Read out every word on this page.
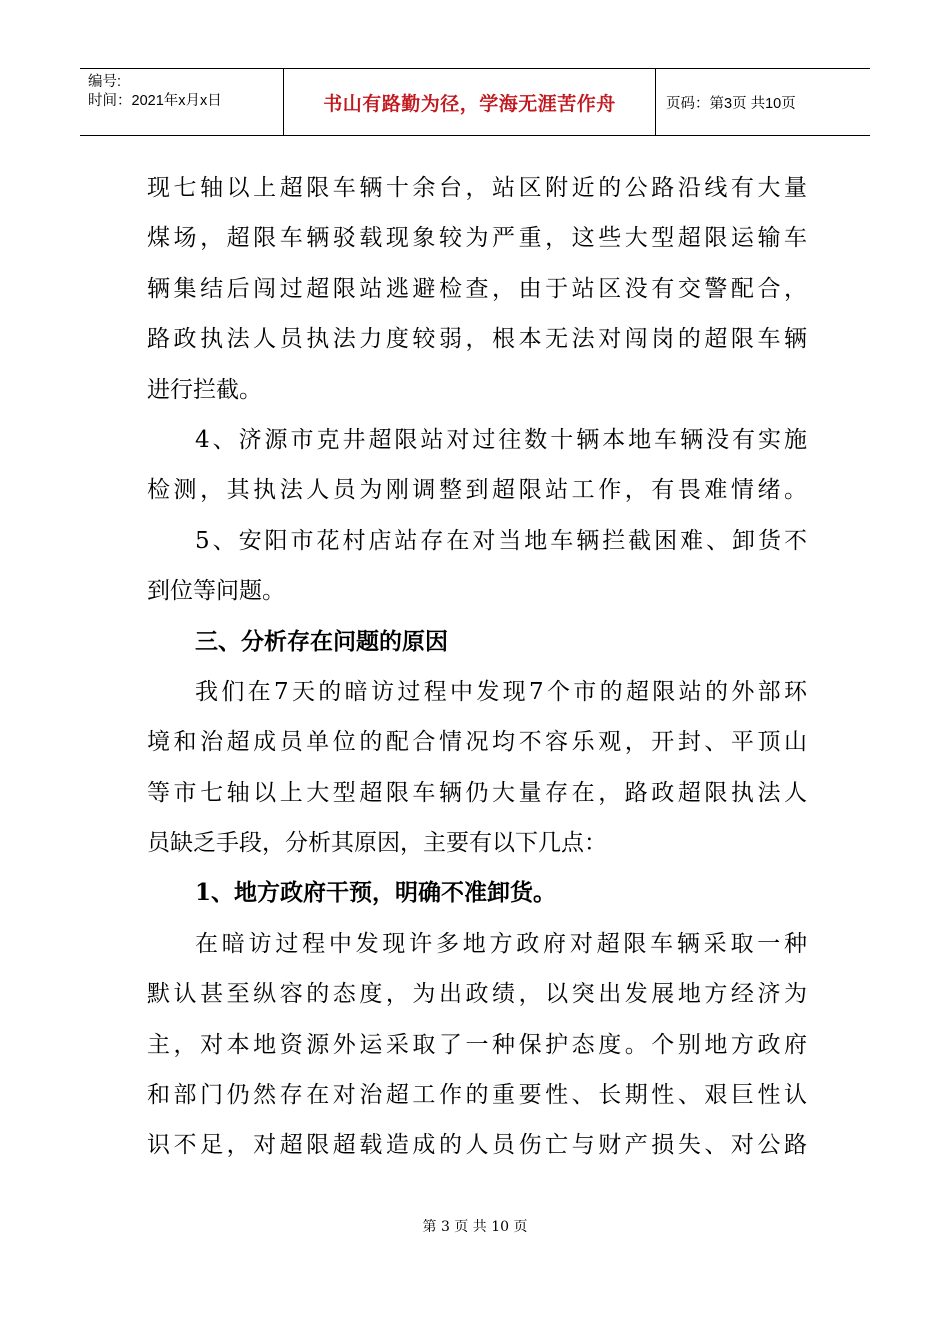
编号:
时间：2021年x月x日	书山有路勤为径，学海无涯苦作舟	页码：第3页 共10页
现七轴以上超限车辆十余台，站区附近的公路沿线有大量
煤场，超限车辆驳载现象较为严重，这些大型超限运输车
辆集结后闯过超限站逃避检查，由于站区没有交警配合，
路政执法人员执法力度较弱，根本无法对闯岗的超限车辆
进行拦截。
4、济源市克井超限站对过往数十辆本地车辆没有实施
检测，其执法人员为刚调整到超限站工作，有畏难情绪。
5、安阳市花村店站存在对当地车辆拦截困难、卸货不
到位等问题。
三、分析存在问题的原因
我们在7天的暗访过程中发现7个市的超限站的外部环
境和治超成员单位的配合情况均不容乐观，开封、平顶山
等市七轴以上大型超限车辆仍大量存在，路政超限执法人
员缺乏手段，分析其原因，主要有以下几点：
1、地方政府干预，明确不准卸货。
在暗访过程中发现许多地方政府对超限车辆采取一种
默认甚至纵容的态度，为出政绩，以突出发展地方经济为
主，对本地资源外运采取了一种保护态度。个别地方政府
和部门仍然存在对治超工作的重要性、长期性、艰巨性认
识不足，对超限超载造成的人员伤亡与财产损失、对公路
第 3 页 共 10 页
